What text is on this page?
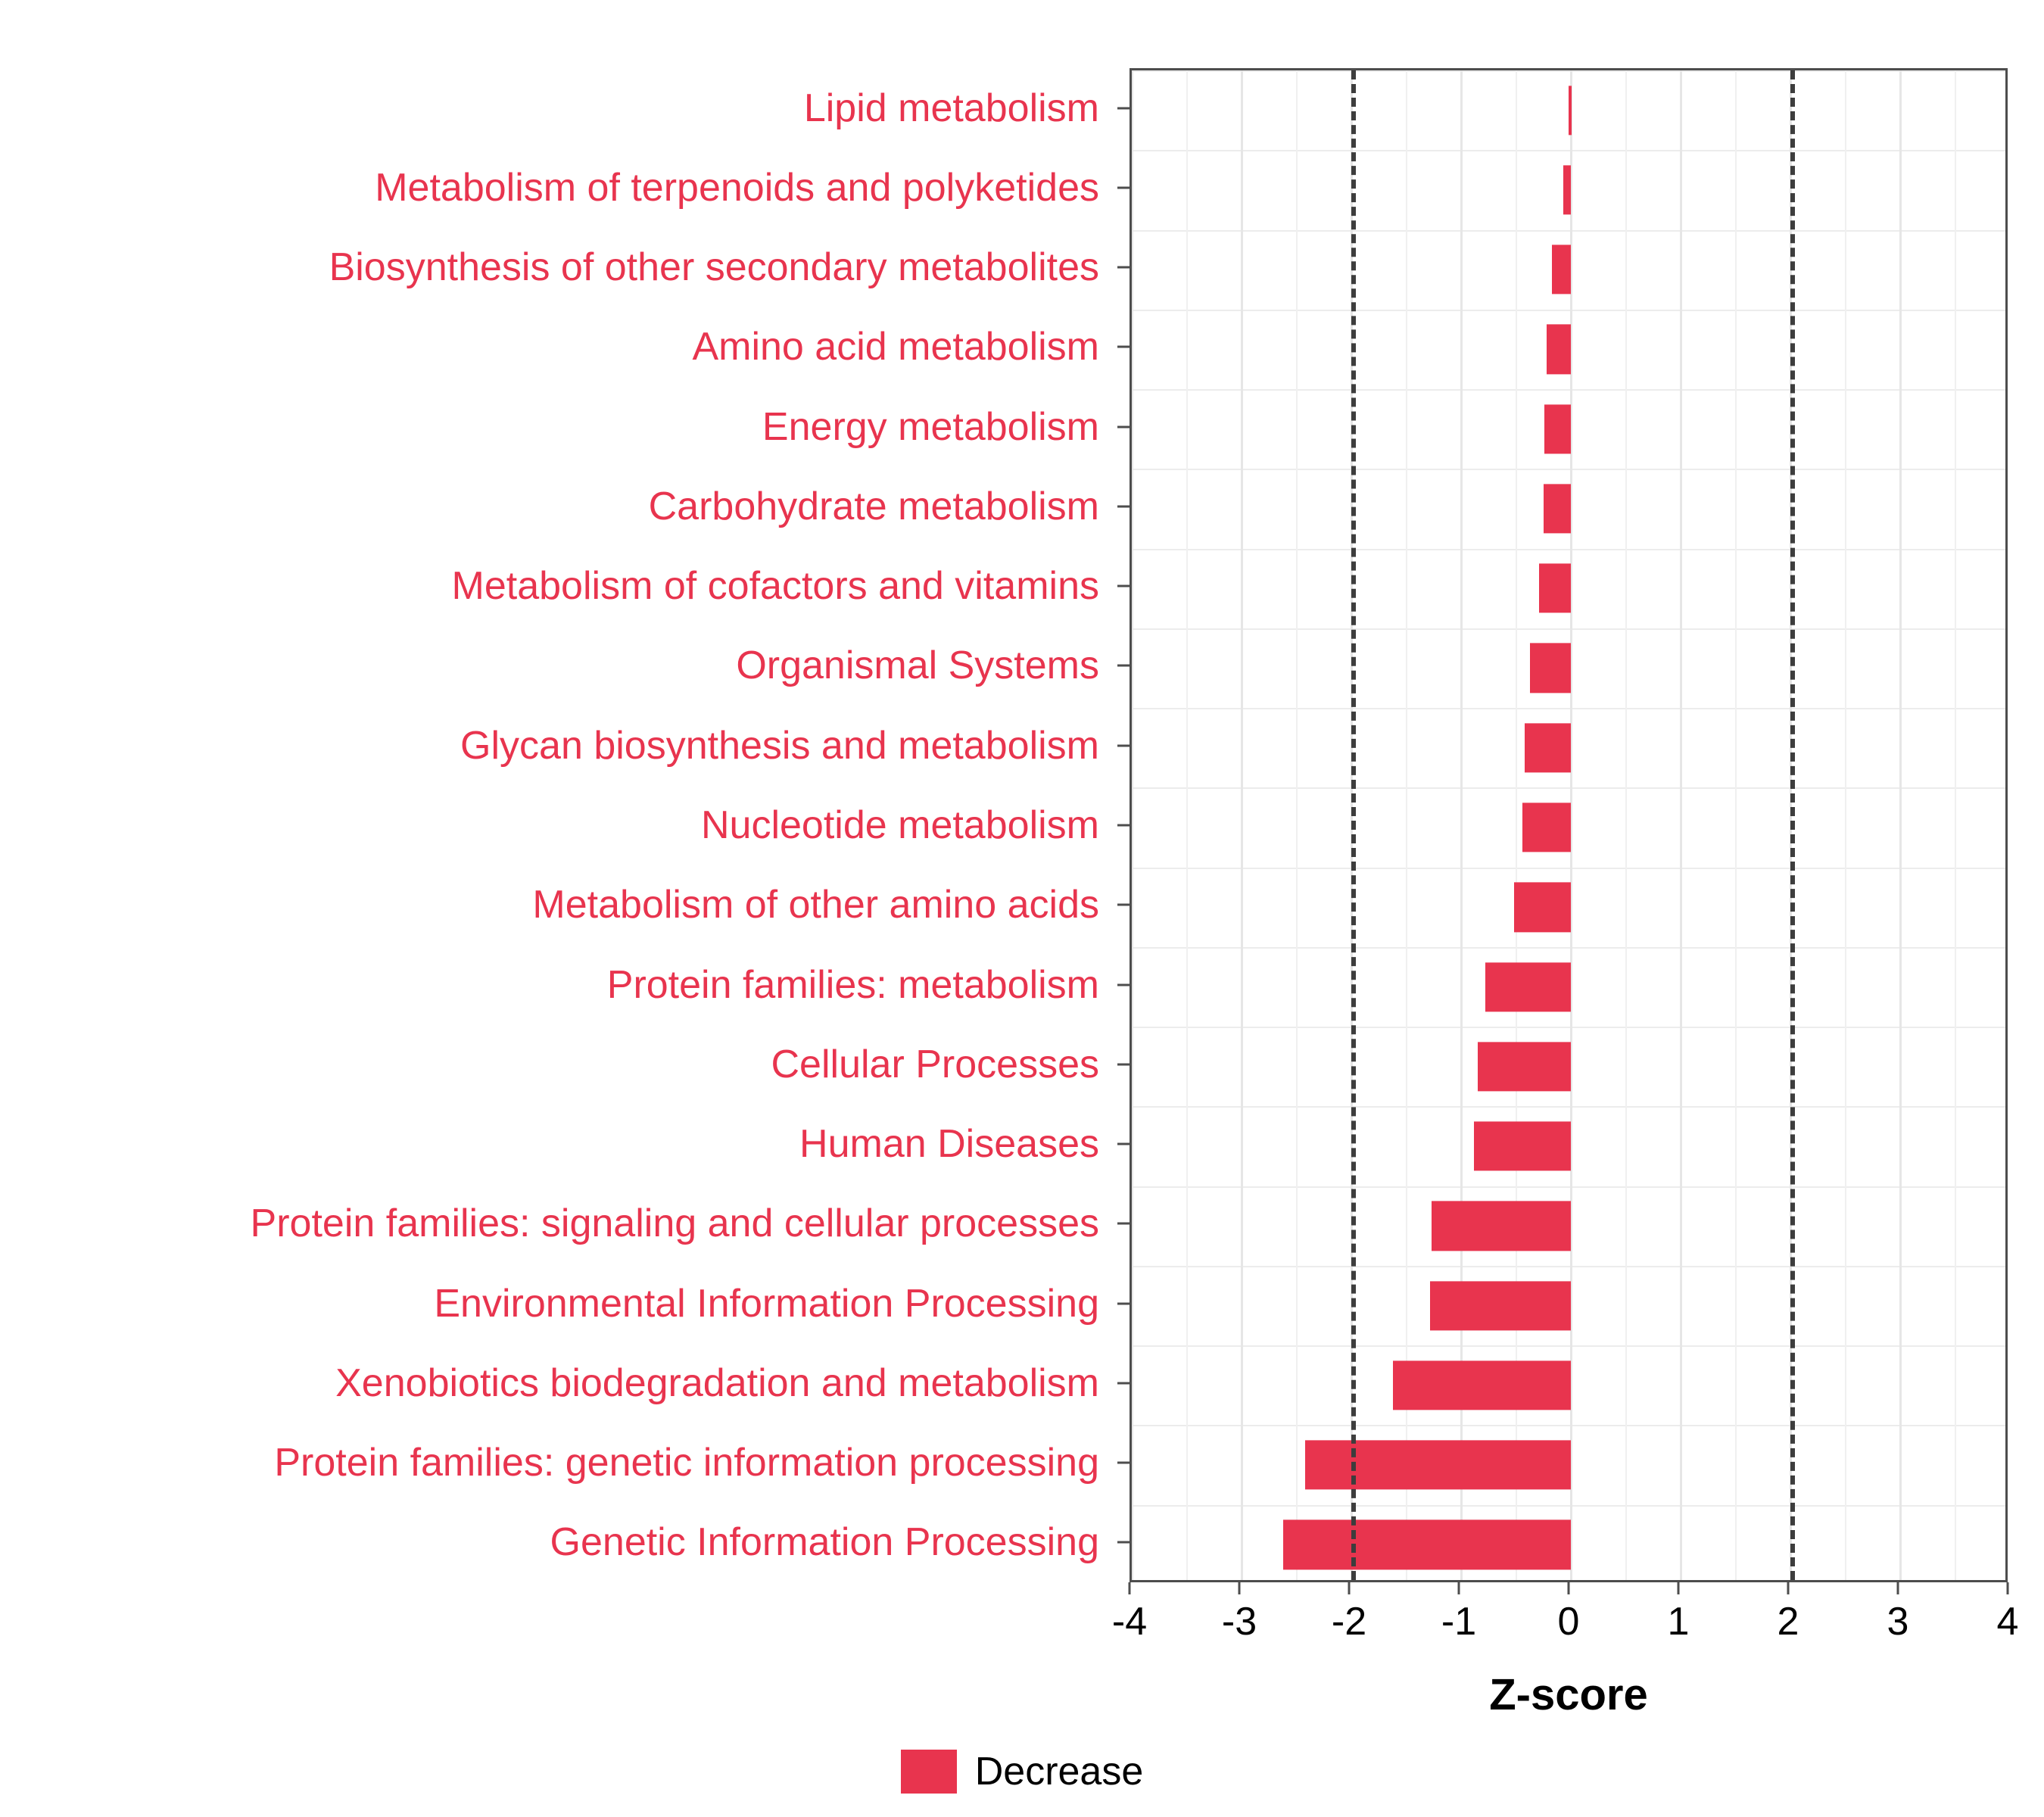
Lipid metabolism
Metabolism of terpenoids and polyketides
Biosynthesis of other secondary metabolites
Amino acid metabolism
Energy metabolism
Carbohydrate metabolism
Metabolism of cofactors and vitamins
Organismal Systems
Glycan biosynthesis and metabolism
Nucleotide metabolism
Metabolism of other amino acids
Protein families: metabolism
Cellular Processes
Human Diseases
Protein families: signaling and cellular processes
Environmental Information Processing
Xenobiotics biodegradation and metabolism
Protein families: genetic information processing
Genetic Information Processing
-4 -3 -2 -1 0 1 2 3 4
Z-score
Decrease
